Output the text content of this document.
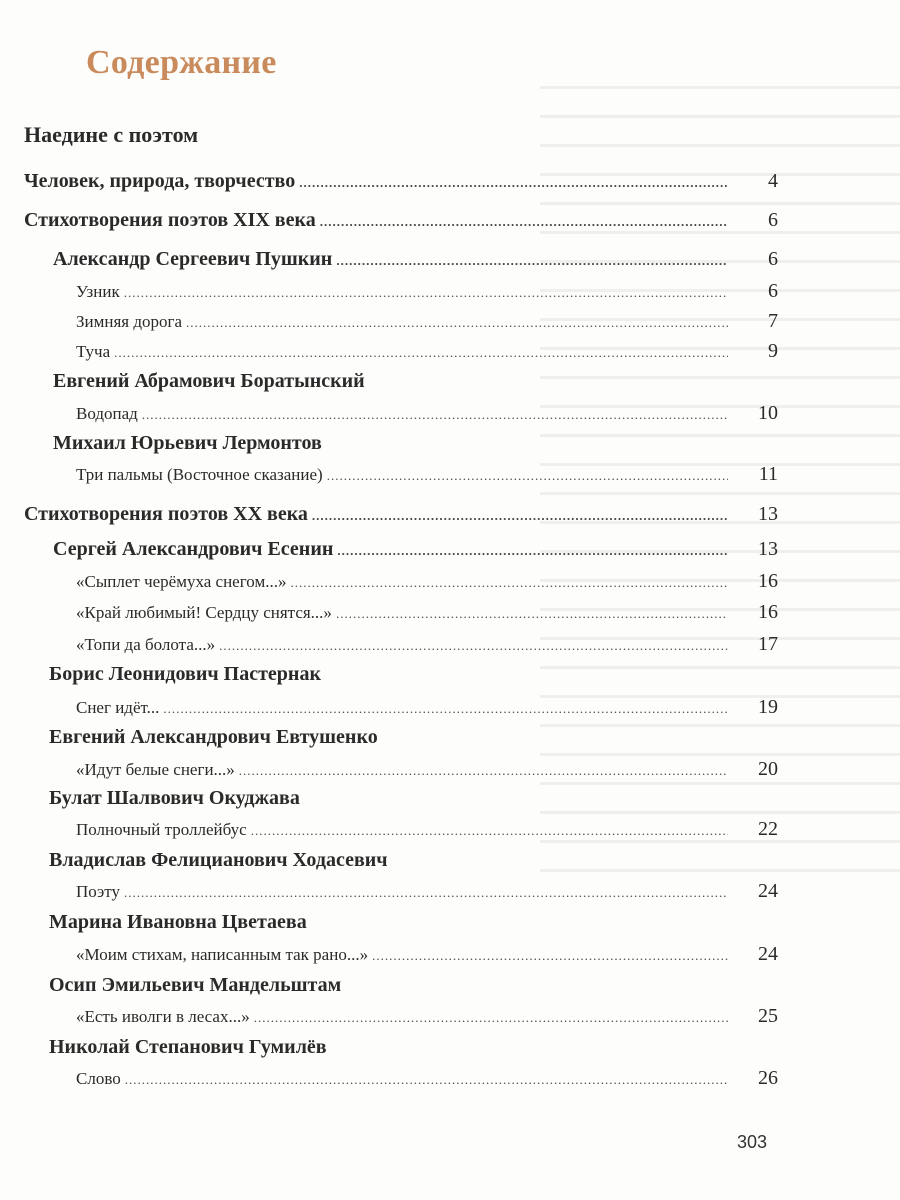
Содержание
Наедине с поэтом
Человек, природа, творчество .....	4
Стихотворения поэтов XIX века .....	6
Александр Сергеевич Пушкин .....	6
Узник .....	6
Зимняя дорога .....	7
Туча .....	9
Евгений Абрамович Боратынский
Водопад .....	10
Михаил Юрьевич Лермонтов
Три пальмы (Восточное сказание) .....	11
Стихотворения поэтов XX века .....	13
Сергей Александрович Есенин .....	13
«Сыплет черёмуха снегом...» .....	16
«Край любимый! Сердцу снятся...» .....	16
«Топи да болота...» .....	17
Борис Леонидович Пастернак
Снег идёт... .....	19
Евгений Александрович Евтушенко
«Идут белые снеги...» .....	20
Булат Шалвович Окуджава
Полночный троллейбус .....	22
Владислав Фелицианович Ходасевич
Поэту .....	24
Марина Ивановна Цветаева
«Моим стихам, написанным так рано...» .....	24
Осип Эмильевич Мандельштам
«Есть иволги в лесах...» .....	25
Николай Степанович Гумилёв
Слово .....	26
303
